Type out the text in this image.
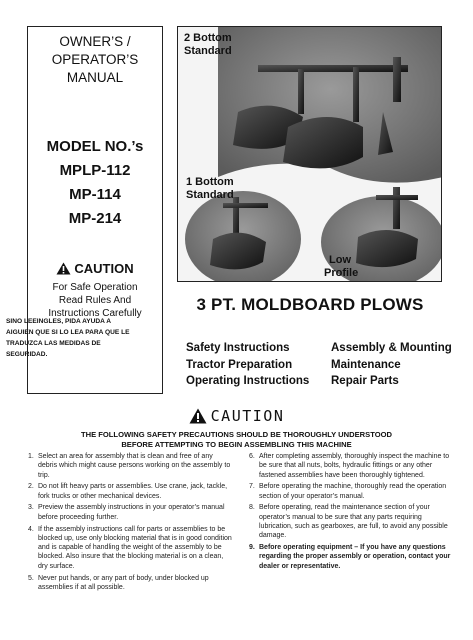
OWNER’S /
OPERATOR’S
MANUAL
MODEL NO.’s
MPLP-112
MP-114
MP-214
CAUTION
For Safe Operation
Read Rules And
Instructions Carefully
SINO LEEINGLES, PIDA AYUDA A AIGUIEN QUE SI LO LEA PARA QUE LE TRADUZCA LAS MEDIDAS DE SEGURIDAD.
2 Bottom
Standard
1 Bottom
Standard
Low
Profile
3 PT. MOLDBOARD PLOWS
Safety Instructions
Tractor Preparation
Operating Instructions
Assembly & Mounting
Maintenance
Repair Parts
CAUTION
THE FOLLOWING SAFETY PRECAUTIONS SHOULD BE THOROUGHLY UNDERSTOOD
BEFORE ATTEMPTING TO BEGIN ASSEMBLING THIS MACHINE
1. Select an area for assembly that is clean and free of any debris which might cause persons working on the assembly to trip.
2. Do not lift heavy parts or assemblies. Use crane, jack, tackle, fork trucks or other mechanical devices.
3. Preview the assembly instructions in your operator’s manual before proceeding further.
4. If the assembly instructions call for parts or assemblies to be blocked up, use only blocking material that is in good condition and is capable of handling the weight of the assembly to be blocked. Also insure that the blocking material is on a clean, dry surface.
5. Never put hands, or any part of body, under blocked up assemblies if at all possible.
6. After completing assembly, thoroughly inspect the machine to be sure that all nuts, bolts, hydraulic fittings or any other fastened assemblies have been thoroughly tightened.
7. Before operating the machine, thoroughly read the operation section of your operator’s manual.
8. Before operating, read the maintenance section of your operator’s manual to be sure that any parts requiring lubrication, such as gearboxes, are full, to avoid any possible damage.
9. Before operating equipment – If you have any questions regarding the proper assembly or operation, contact your dealer or representative.
